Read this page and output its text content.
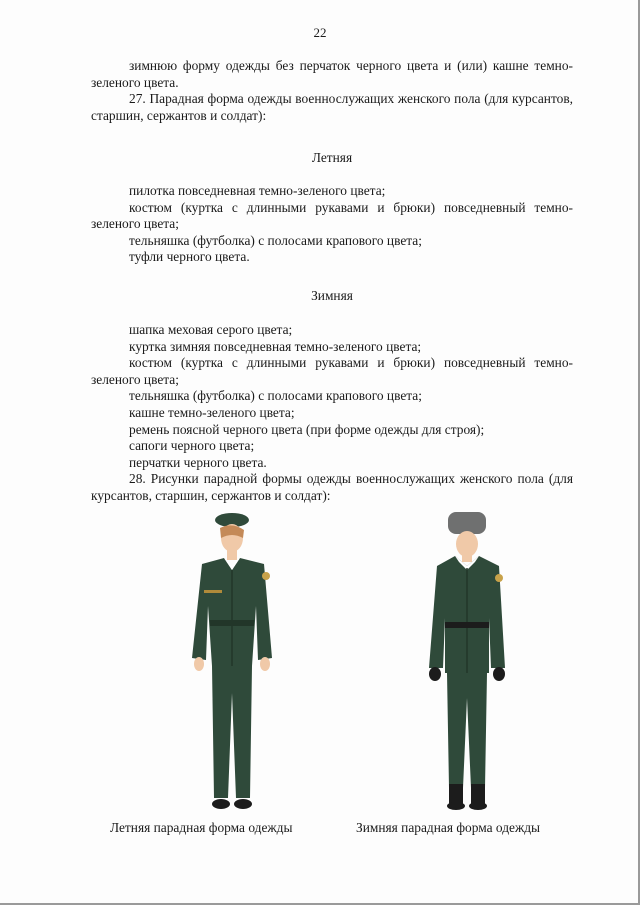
22

зимнюю форму одежды без перчаток черного цвета и (или) кашне темно-зеленого цвета.

27. Парадная форма одежды военнослужащих женского пола (для курсантов, старшин, сержантов и солдат):

Летняя

пилотка повседневная темно-зеленого цвета;

костюм (куртка с длинными рукавами и брюки) повседневный темно-зеленого цвета;

тельняшка (футболка) с полосами крапового цвета;

туфли черного цвета.

Зимняя

шапка меховая серого цвета;

куртка зимняя повседневная темно-зеленого цвета;

костюм (куртка с длинными рукавами и брюки) повседневный темно-зеленого цвета;

тельняшка (футболка) с полосами крапового цвета;

кашне темно-зеленого цвета;

ремень поясной черного цвета (при форме одежды для строя);

сапоги черного цвета;

перчатки черного цвета.

28. Рисунки парадной формы одежды военнослужащих женского пола (для курсантов, старшин, сержантов и солдат):

Летняя парадная форма одежды	Зимняя парадная форма одежды
